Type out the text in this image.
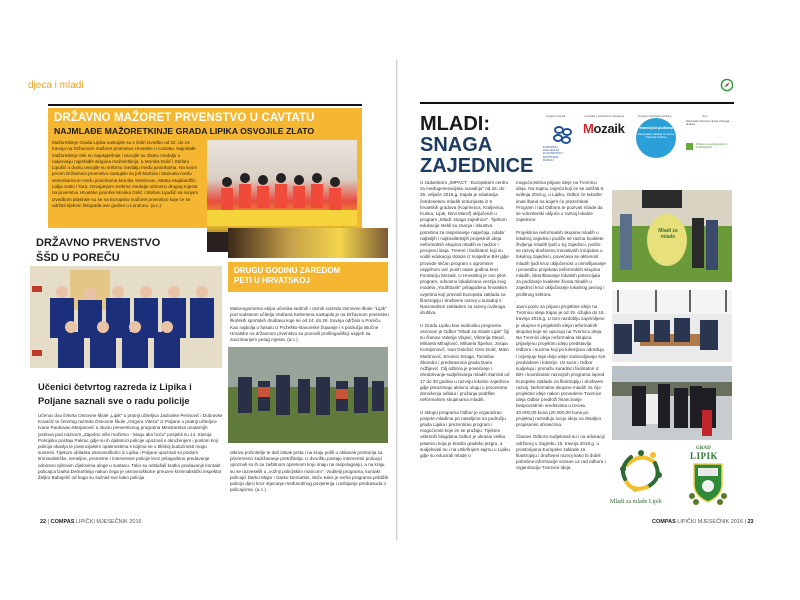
djeca i mladi
DRŽAVNO MAŽORET PRVENSTVO U CAVTATU
NAJMLAĐE MAŽORETKINJE GRADA LIPIKA OSVOJILE ZLATO
Mažoretkinje Grada Lipika nastupile su s četiri izvedbe od 22. do 24. travnja na Državnom mažoret prvenstvu Hrvatske u Cavtatu. Najmlađe mažoretkinje bile su najuspješnije i osvojile su zlatnu medalju u natjecanju najmlađih skupina mažoretkinja, a Monika Dolić i Stefani Lipušić u duetu osvojile su srebrnu medalju među juniorkama. Na svom prvom Državnom prvenstvu nastupile su još Martina i Manuela među seniorkama te među juniorkama Monika Veselovac, Matea Majdandžić, Lidija Sabo i Tara. Osvajanjem srebrne medalje odnosno drugog mjesta na prvenstvu Hrvatske juniorke Monika Dolić i Stefani Lipušić sa svojom izvedbom plasirale su se na Europsko mažoret prvenstvo koje će se održati tijekom listopada ove godine u Londonu. (a.c.)
DRŽAVNO PRVENSTVO
ŠŠD U POREČU
DRUGU GODINU ZAREDOM
PETI U HRVATSKOJ
Malonogometna ekipa učenika sedmih i osmih razreda Osnovne škole "Lipik" pod vodstvom učitelja Vedrana Kelemena nastupila je na Državnom prvenstvu školskih sportskih društava koje se od 24. do 26. travnja održalo u Poreču. Kao najbolja u futsalu iz Požeško-slavonske županije i s područja istočne Hrvatske na državnom prvenstvu su ponovili prošlogodišnji uspjeh sa zauzimanjem petog mjesta. (a.c.)
Učenici četvrtog razreda iz Lipika i
Poljane saznali sve o radu policije
Učenici dva četvrta Osnovne škole „Lipik" u pratnji učiteljica Jadranke Perinović i Dubravke Kovačić te četvrtog razreda Osnovne škole „Grigora Viteza" iz Poljane u pratnji učiteljice Ivane Paukovac-Marjanović u okviru preventivnog programa Ministarstva unutarnjih poslova pod nazivom „Zajedno više možemo - Mogu ako hoću" posjetili su 14. travnja Policijsku postaju Pakrac gdje su ih djelatnici policije upoznali s okruženjem i poslom koji policija obavlja te potencijalnim opasnostima s kojima se u bliskoj budućnosti mogu susresti. Tijekom obilaska osnovnoškolci iz Lipika i Poljane upoznati su poslom kriminalističke, temeljne, prometne i interventne policije kroz prilagođeno predavanje odnosno njihovim dijelovima uloge u sustavu. Tako su odslušali kratko predavanje kontakt policajca Darka Demartinija nakon čega je osnovnoškolce preuzeo kriminalistički inspektor Željko Babojelić od koga su saznali sve kako policija
otkriva počinitelje te dali otisak prsta i na kraju pošli u obilazak prostorija za privremeno zadržavanje pretrižitelja. U dvorištu postaje interventni policajci upoznali su ih sa zaštitnom opremom koju imaju na raspolaganju, a na kraju su se razveselili u „vožnji policijskim maricom". Voditelji programa, kontakt policajci Darko Major i Darko Demartini, ističu kako je svrha programa približiti policiju djeci kroz stjecanje međusobnog povjerenja i razbijanje predrasuda o policajcima. (a.c.)
22 | COMPAS LIPIČKI MJESEČNIK 2016
MLADI:
SNAGA
ZAJEDNICE
Program provodi	u suradnji s partnerskim udrugama	Program financijski podržava	Izvor
EUROPSKA ZAKLADA ZA FILANTROPIJU I DRUŠTVENI RAZVOJ
Mozaik	Financijski podržava
Nacionalna zaklada za razvoj civilnoga društva
Nacionalni zavod za razvoj civilnoga društva
Program je sufinanciran iz sredstava EU
U zadarskom „IMPACT - Europskom centru za međugeneracijsku suradnju" od 26. do 28. veljače 2016.g. trajala je edukacija četrdesetoro mladih entuzijasta iz 5 hrvatskih gradova (Koprivnica, Kraljevica, Kutina, Lipik, Novi Marof) uključenih u program „Mladi: snaga zajednice". Tijekom edukacije stekli su znanja i iskustva potrebna za raspisivanje natječaja, odabir najboljih i najkvalitetnijih projektnih ideja neformalnih skupina mladih te nadzor i procjenu ideja. Treneri i facilitatori koji su vodili edukaciju dolaze iz susjedne BiH gdje provode sličan program s ogromnim uspjehom već punih osam godina kroz Fondaciju Mozaik. U Hrvatskoj je ovo pilot-program, odnosno lokalizirana verzija inog modela „Youthbank" prilagođena hrvatskim uvjetima koji provodi Europska zaklada za filantropiju i društveni razvoj u suradnji s Nacionalnim zakladom za razvoj civilnoga društva.

U Gradu Lipiku kao sudioniku programa osnovan je Odbor "Mladi za mlade Lipik" čiji su članovi Valerija Vlajnić, Viktorija Stepić, Mihaela Mihajlović, Mihaela Špehar, Josipa Komljenović, Ivan Doležal, Dino Dolić, Mato Martinović, Erminio Straga, Tomislav Škondro i predstavnica grada Daria Adžijević. Cilj odbora je povećanje i ohrabrivanje sudjelovanja mladih starosti od 17 do 30 godina u razvoju lokalne zajednice gdje preuzimaju aktivnu ulogu u procesima donošenja odluka i pružanja podrške neformalnim skupinama mladih.

U sklopu programa Odbor je organizirao posjete mladima po naseljima na području grada Lipika i prezentirao program i mogućnosti koje im se pružaju. Tijekom uskrsnih blagdana Odbor je ukrasio veliku pisanicu koja je krasila gradsku jezgru, a sudjelovali su i na Uskršnjem sajmu u Lipiku gdje su educirali mlade o
mogućnostima prijave ideje na Tvornicu ideja. Na Sajmu cvijeća koji će se održati 8. svibnja 2016.g. u Lipiku, Odbor će također imati štand na kojem će prezentirati Program i rad Odbora te pozivati mlade da se volonterski uključe u razvoj lokalne zajednice.

Projektima neformalnih skupina mladih u lokalnoj zajednici podiže se razina kvalitete življenja mladih ljudi u toj zajednici, potiče se razvoj društveno inovativnih inicijativa u lokalnoj zajednici, povećava se aktivnost mladih ljudi kroz uključenost u osmišljavanje i provedbu projekata neformalnih skupina mladih, iskorištavanje lokalnih potencijala za podizanje kvalitete života mladih u zajednici kroz uključivanje lokalnog javnog i profitnog sektora.

Javni poziv za prijavu projektne ideje na Tvornicu ideja trajao je od 15. ožujka do 15. travnja 2016.g. U tom razdoblju zaprimljeno je ukupno 6 projektnih ideja neformalnih skupina koje se upućuju na Tvornicu ideja. Na Tvornici ideja neformalna skupina prijavljenu projektnu ideju predstavlja Odboru i sucima koji po kriterijima određuju i ocjenjuju koje dvije ideje zadovoljavaju sve predviđene i kriterije. Uz suce i Odbor sudjeluju i pomažu suradnici facilitatori iz BiH i koordinator razvojnih programa ispred Europske zaklade za filantropiju i društveni razvoj. Neformalne skupine mladih za čije projektne ideje nakon provedene Tvornice ideja Odbor predloži financiranje bespovratnim sredstvima u iznosu 40.000,00 kuna (20.000,00 kuna po projektu) razrađuju svoju ideju na detaljno propisanim obrascima.

Članovi Odbora sudjelovali su i na edukaciji održanoj u Zagrebu 16. travnja 2016.g. u prostorijama Europske zaklade za filantropiju i društveni razvoj kako bi dobili potrebne informacije vezane uz rad odbora i organizaciju Tvornice ideja.
Mladi za mlade
Mladi za mlade Lipik
GRAD
LIPIK
COMPAS LIPIČKI MJESEČNIK 2016 | 23
